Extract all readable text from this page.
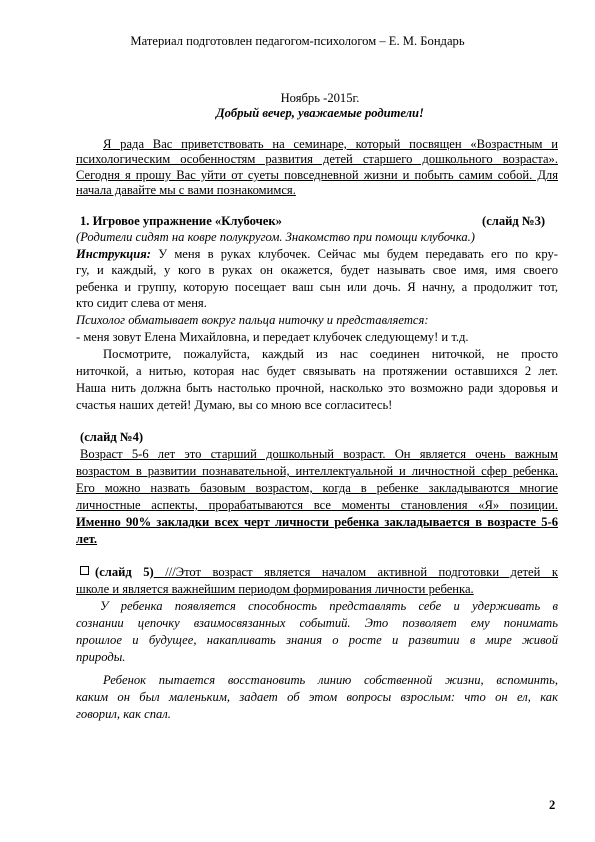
Материал подготовлен педагогом-психологом – Е. М. Бондарь
Ноябрь -2015г.
Добрый вечер, уважаемые родители!
Я рада Вас приветствовать на семинаре, который посвящен «Возрастным и
психологическим особенностям развития детей старшего дошкольного возраста».
Сегодня я прошу Вас уйти от суеты повседневной жизни и побыть самим собой. Для
начала давайте мы с вами познакомимся.
1. Игровое упражнение «Клубочек»	(слайд №3)
(Родители сидят на ковре полукругом. Знакомство при помощи клубочка.)
Инструкция: У меня в руках клубочек. Сейчас мы будем передавать его по кру-
гу, и каждый, у кого в руках он окажется, будет называть свое имя, имя своего
ребенка и группу, которую посещает ваш сын или дочь. Я начну, а продолжит тот,
кто сидит слева от меня.
Психолог обматывает вокруг пальца ниточку и представляется:
- меня зовут Елена Михайловна, и передает клубочек следующему! и т.д.
Посмотрите, пожалуйста, каждый из нас соединен ниточкой, не просто
ниточкой, а нитью, которая нас будет связывать на протяжении оставшихся 2 лет.
Наша нить должна быть настолько прочной, насколько это возможно ради здоровья и
счастья наших детей! Думаю, вы со мною все согласитесь!
(слайд №4)
Возраст 5-6 лет это старший дошкольный возраст. Он является очень важным
возрастом в развитии познавательной, интеллектуальной и личностной сфер ребенка.
Его можно назвать базовым возрастом, когда в ребенке закладываются многие
личностные аспекты, прорабатываются все моменты становления «Я» позиции.
Именно 90% закладки всех черт личности ребенка закладывается в возрасте 5-6
лет.
(слайд 5) ///Этот возраст является началом активной подготовки детей к
школе и является важнейшим периодом формирования личности ребенка.
У ребенка появляется способность представлять себе и удерживать в
сознании цепочку взаимосвязанных событий. Это позволяет ему понимать
прошлое и будущее, накапливать знания о росте и развитии в мире живой
природы.
Ребенок пытается восстановить линию собственной жизни, вспоминть,
каким он был маленьким, задает об этом вопросы взрослым: что он ел, как
говорил, как спал.
2
